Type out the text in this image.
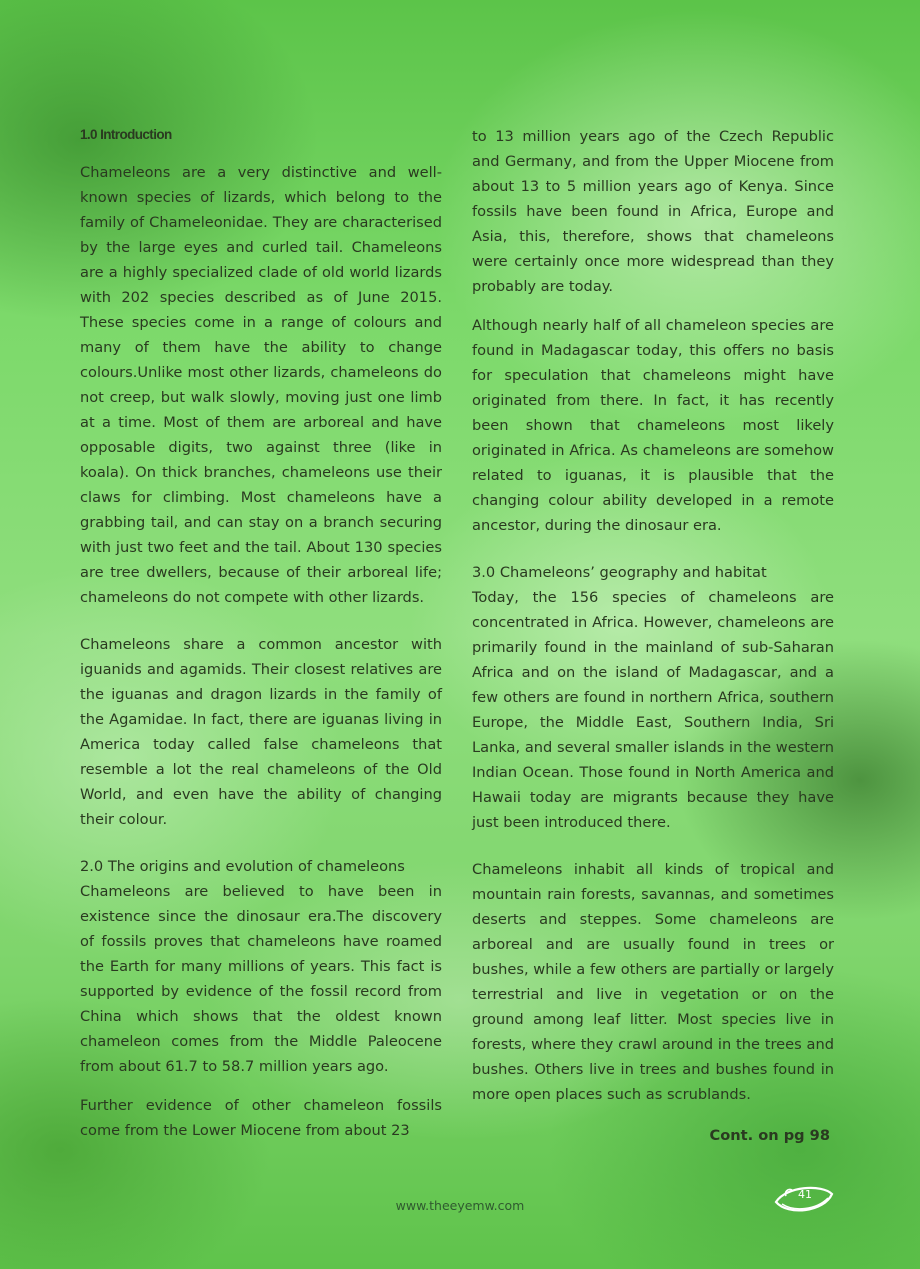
1.0 Introduction

Chameleons are a very distinctive and well-known species of lizards, which belong to the family of Chameleonidae. They are characterised by the large eyes and curled tail. Chameleons are a highly specialized clade of old world lizards with 202 species described as of June 2015. These species come in a range of colours and many of them have the ability to change colours.Unlike most other lizards, chameleons do not creep, but walk slowly, moving just one limb at a time. Most of them are arboreal and have opposable digits, two against three (like in koala). On thick branches, chameleons use their claws for climbing. Most chameleons have a grabbing tail, and can stay on a branch securing with just two feet and the tail. About 130 species are tree dwellers, because of their arboreal life; chameleons do not compete with other lizards.

Chameleons share a common ancestor with iguanids and agamids. Their closest relatives are the iguanas and dragon lizards in the family of the Agamidae. In fact, there are iguanas living in America today called false chameleons that resemble a lot the real chameleons of the Old World, and even have the ability of changing their colour.

2.0 The origins and evolution of chameleons

Chameleons are believed to have been in existence since the dinosaur era.The discovery of fossils proves that chameleons have roamed the Earth for many millions of years. This fact is supported by evidence of the fossil record from China which shows that the oldest known chameleon comes from the Middle Paleocene from about 61.7 to 58.7 million years ago.

Further evidence of other chameleon fossils come from the Lower Miocene from about 23

to 13 million years ago of the Czech Republic and Germany, and from the Upper Miocene from about 13 to 5 million years ago of Kenya. Since fossils have been found in Africa, Europe and Asia, this, therefore, shows that chameleons were certainly once more widespread than they probably are today.

Although nearly half of all chameleon species are found in Madagascar today, this offers no basis for speculation that chameleons might have originated from there. In fact, it has recently been shown that chameleons most likely originated in Africa. As chameleons are somehow related to iguanas, it is plausible that the changing colour ability developed in a remote ancestor, during the dinosaur era.

3.0 Chameleons’ geography and habitat

Today, the 156 species of chameleons are concentrated in Africa. However, chameleons are primarily found in the mainland of sub-Saharan Africa and on the island of Madagascar, and a few others are found in northern Africa, southern Europe, the Middle East, Southern India, Sri Lanka, and several smaller islands in the western Indian Ocean. Those found in North America and Hawaii today are migrants because they have just been introduced there.

Chameleons inhabit all kinds of tropical and mountain rain forests, savannas, and sometimes deserts and steppes. Some chameleons are arboreal and are usually found in trees or bushes, while a few others are partially or largely terrestrial and live in vegetation or on the ground among leaf litter. Most species live in forests, where they crawl around in the trees and bushes. Others live in trees and bushes found in more open places such as scrublands.

Cont. on pg 98
www.theeyemw.com
41
